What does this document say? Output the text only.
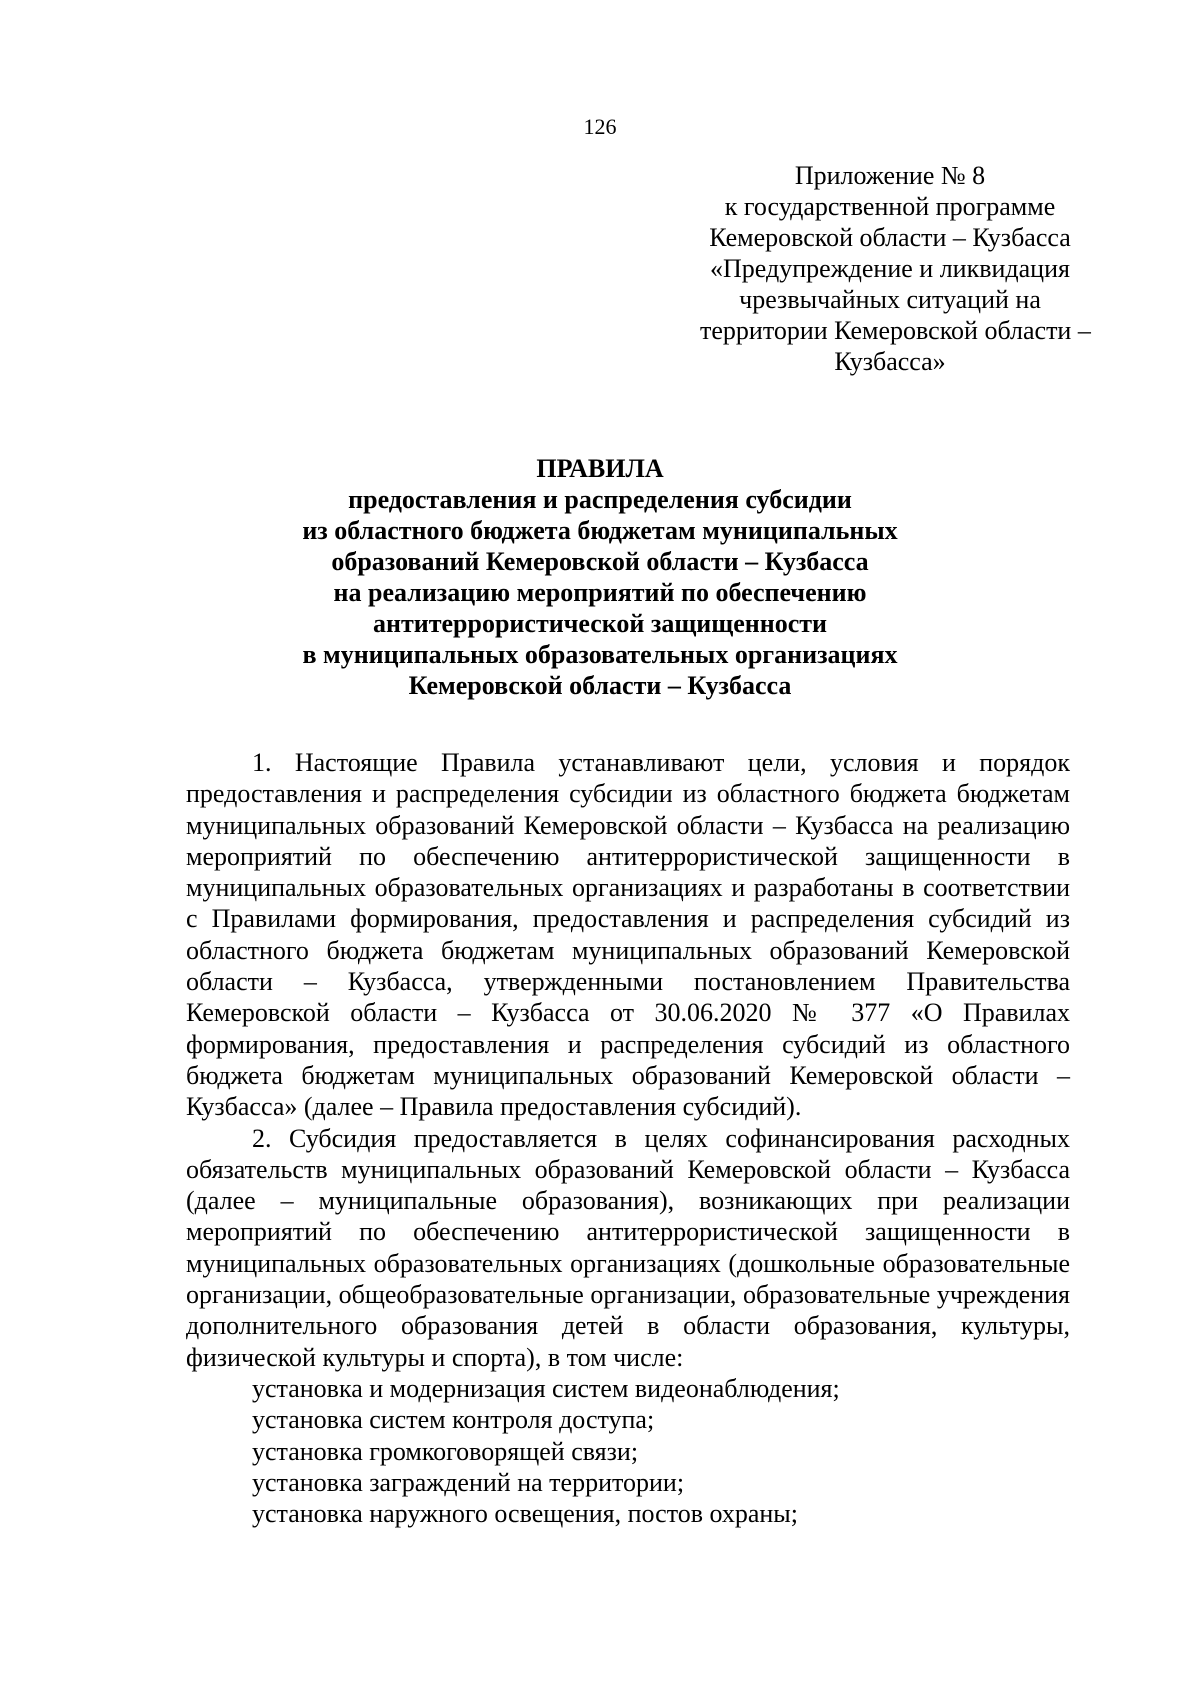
126
Приложение № 8
к государственной программе
Кемеровской области – Кузбасса
«Предупреждение и ликвидация
чрезвычайных ситуаций на
территории Кемеровской области –
Кузбасса»
ПРАВИЛА
предоставления и распределения субсидии
из областного бюджета бюджетам муниципальных
образований Кемеровской области – Кузбасса
на реализацию мероприятий по обеспечению
антитеррористической защищенности
в муниципальных образовательных организациях
Кемеровской области – Кузбасса

1. Настоящие Правила устанавливают цели, условия и порядок предоставления и распределения субсидии из областного бюджета бюджетам муниципальных образований Кемеровской области – Кузбасса на реализацию мероприятий по обеспечению антитеррористической защищенности в муниципальных образовательных организациях и разработаны в соответствии с Правилами формирования, предоставления и распределения субсидий из областного бюджета бюджетам муниципальных образований Кемеровской области – Кузбасса, утвержденными постановлением Правительства Кемеровской области – Кузбасса от 30.06.2020 № 377 «О Правилах формирования, предоставления и распределения субсидий из областного бюджета бюджетам муниципальных образований Кемеровской области – Кузбасса» (далее – Правила предоставления субсидий).

2. Субсидия предоставляется в целях софинансирования расходных обязательств муниципальных образований Кемеровской области – Кузбасса (далее – муниципальные образования), возникающих при реализации мероприятий по обеспечению антитеррористической защищенности в муниципальных образовательных организациях (дошкольные образовательные организации, общеобразовательные организации, образовательные учреждения дополнительного образования детей в области образования, культуры, физической культуры и спорта), в том числе:

установка и модернизация систем видеонаблюдения;

установка систем контроля доступа;

установка громкоговорящей связи;

установка заграждений на территории;

установка наружного освещения, постов охраны;
